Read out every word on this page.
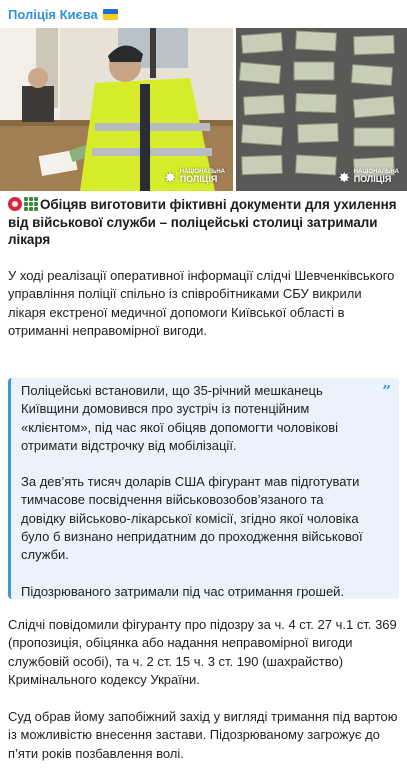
Поліція Києва
✸ НАЦІОНАЛЬНА
ПОЛІЦІЯ	✸ НАЦІОНАЛЬНА
ПОЛІЦІЯ
Обіцяв виготовити фіктивні документи для ухилення від військової служби – поліцейські столиці затримали лікаря
У ході реалізації оперативної інформації слідчі Шевченківського управління поліції спільно із співробітниками СБУ викрили лікаря екстреної медичної допомоги Київської області в отриманні неправомірної вигоди.

Поліцейські встановили, що 35-річний мешканець Київщини домовився про зустріч із потенційним «клієнтом», під час якої обіцяв допомогти чоловікові отримати відстрочку від мобілізації.

За дев’ять тисяч доларів США фігурант мав підготувати тимчасове посвідчення військовозобов’язаного та довідку військово-лікарської комісії, згідно якої чоловіка було б визнано непридатним до проходження військової служби.

Підозрюваного затримали під час отримання грошей.

”
Слідчі повідомили фігуранту про підозру за ч. 4 ст. 27 ч.1 ст. 369 (пропозиція, обіцянка або надання неправомірної вигоди службовій особі), та ч. 2 ст. 15 ч. 3 ст. 190 (шахрайство) Кримінального кодексу України.
Суд обрав йому запобіжний захід у вигляді тримання під вартою із можливістю внесення застави. Підозрюваному загрожує до п’яти років позбавлення волі.
